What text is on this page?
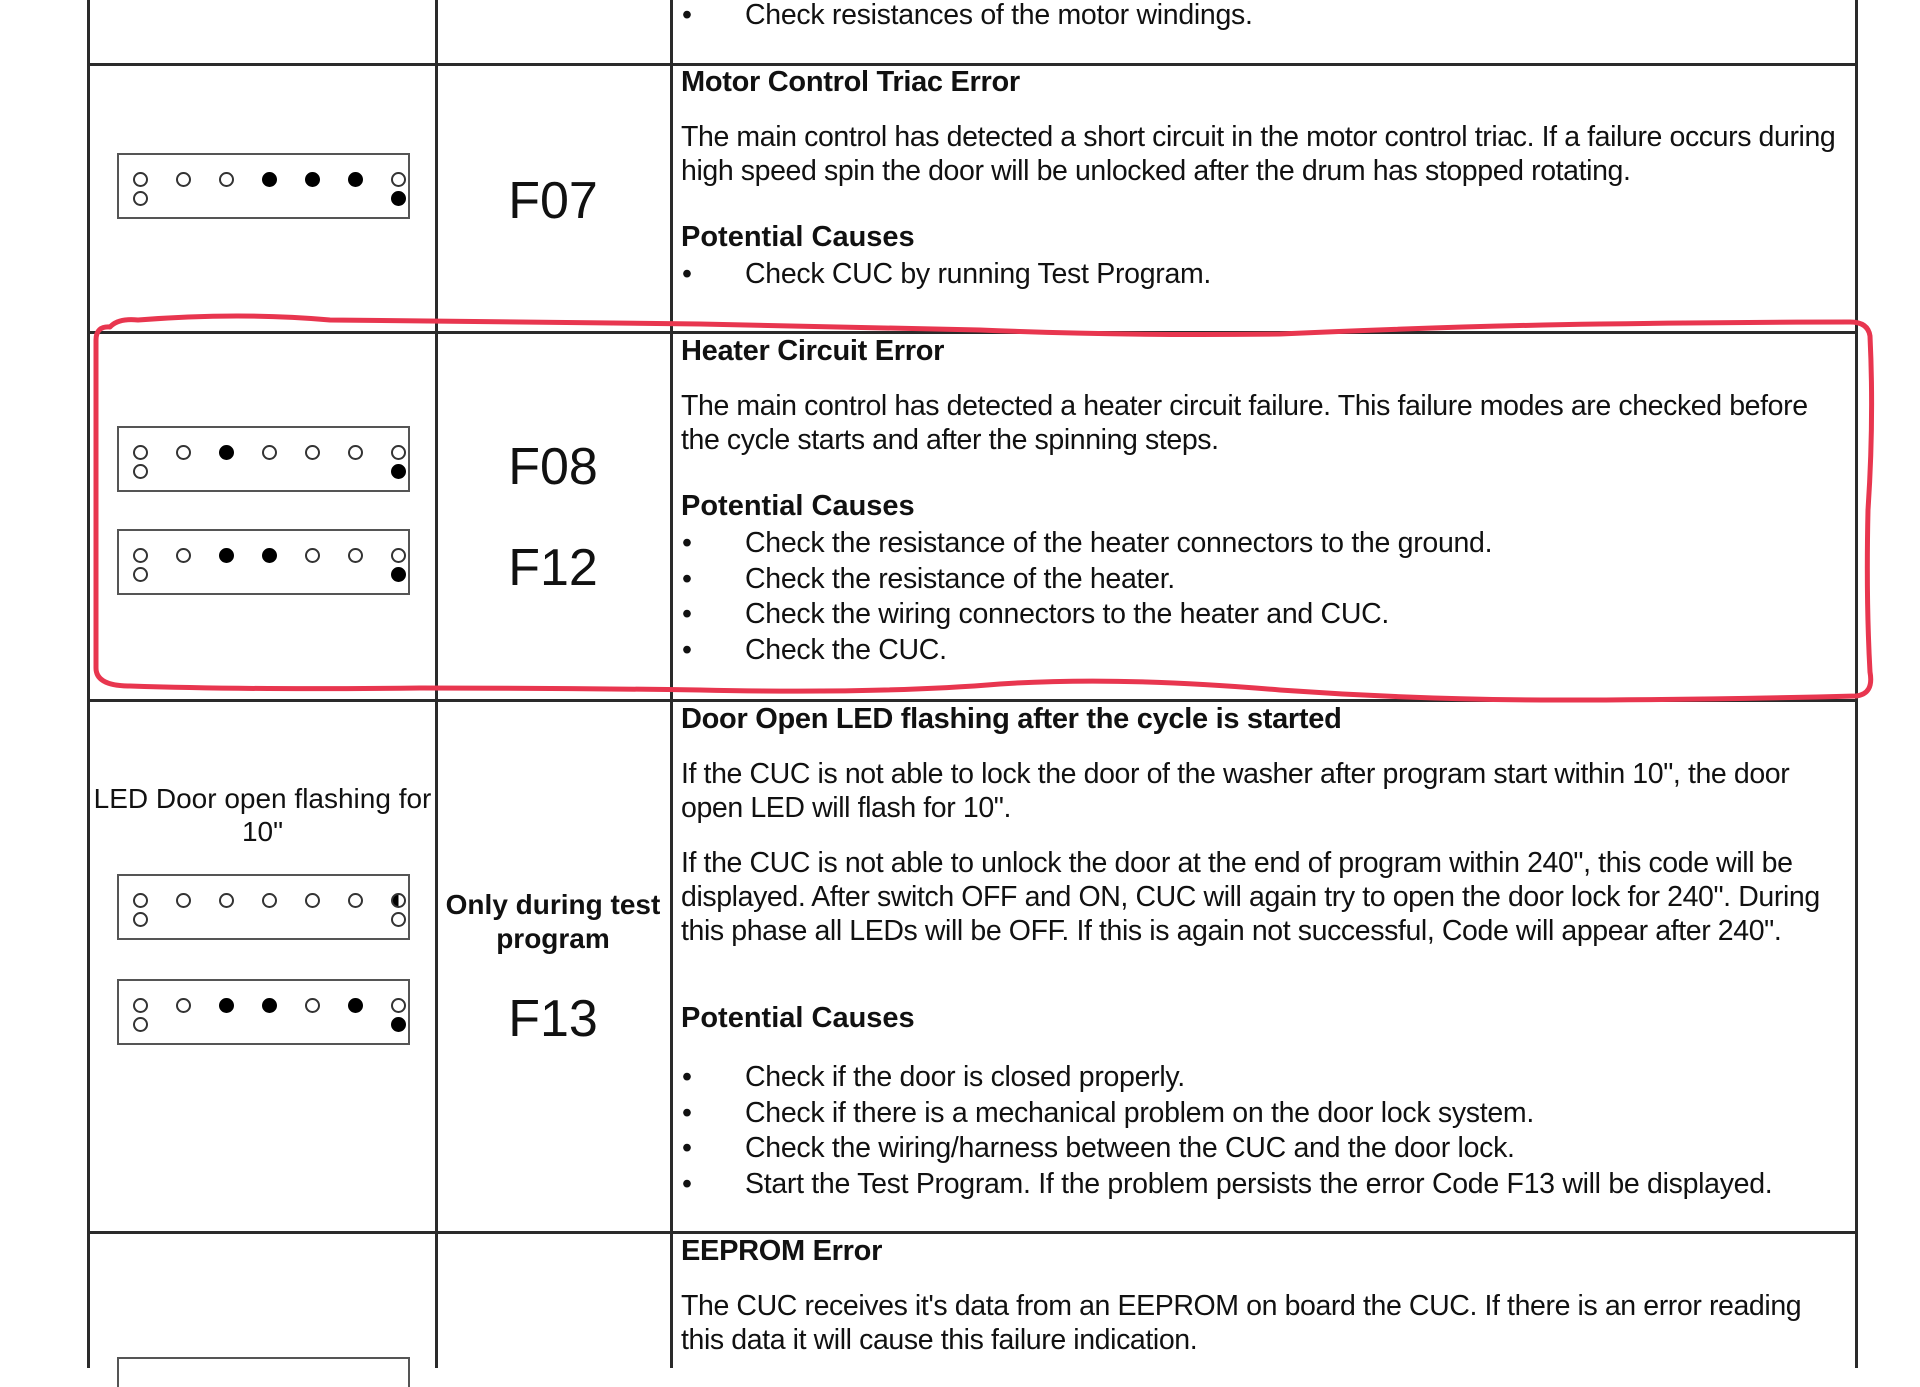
• Check resistances of the motor windings.
Motor Control Triac Error
The main control has detected a short circuit in the motor control triac. If a failure occurs during high speed spin the door will be unlocked after the drum has stopped rotating.
Potential Causes
• Check CUC by running Test Program.
F07
Heater Circuit Error
The main control has detected a heater circuit failure. This failure modes are checked before the cycle starts and after the spinning steps.
Potential Causes
• Check the resistance of the heater connectors to the ground.
• Check the resistance of the heater.
• Check the wiring connectors to the heater and CUC.
• Check the CUC.
F08
F12
Door Open LED flashing after the cycle is started
If the CUC is not able to lock the door of the washer after program start within 10", the door open LED will flash for 10".
If the CUC is not able to unlock the door at the end of program within 240", this code will be displayed. After switch OFF and ON, CUC will again try to open the door lock for 240". During this phase all LEDs will be OFF. If this is again not successful, Code will appear after 240".
Potential Causes
• Check if the door is closed properly.
• Check if there is a mechanical problem on the door lock system.
• Check the wiring/harness between the CUC and the door lock.
• Start the Test Program. If the problem persists the error Code F13 will be displayed.
LED Door open flashing for 10"
Only during test program
F13
EEPROM Error
The CUC receives it's data from an EEPROM on board the CUC. If there is an error reading this data it will cause this failure indication.
